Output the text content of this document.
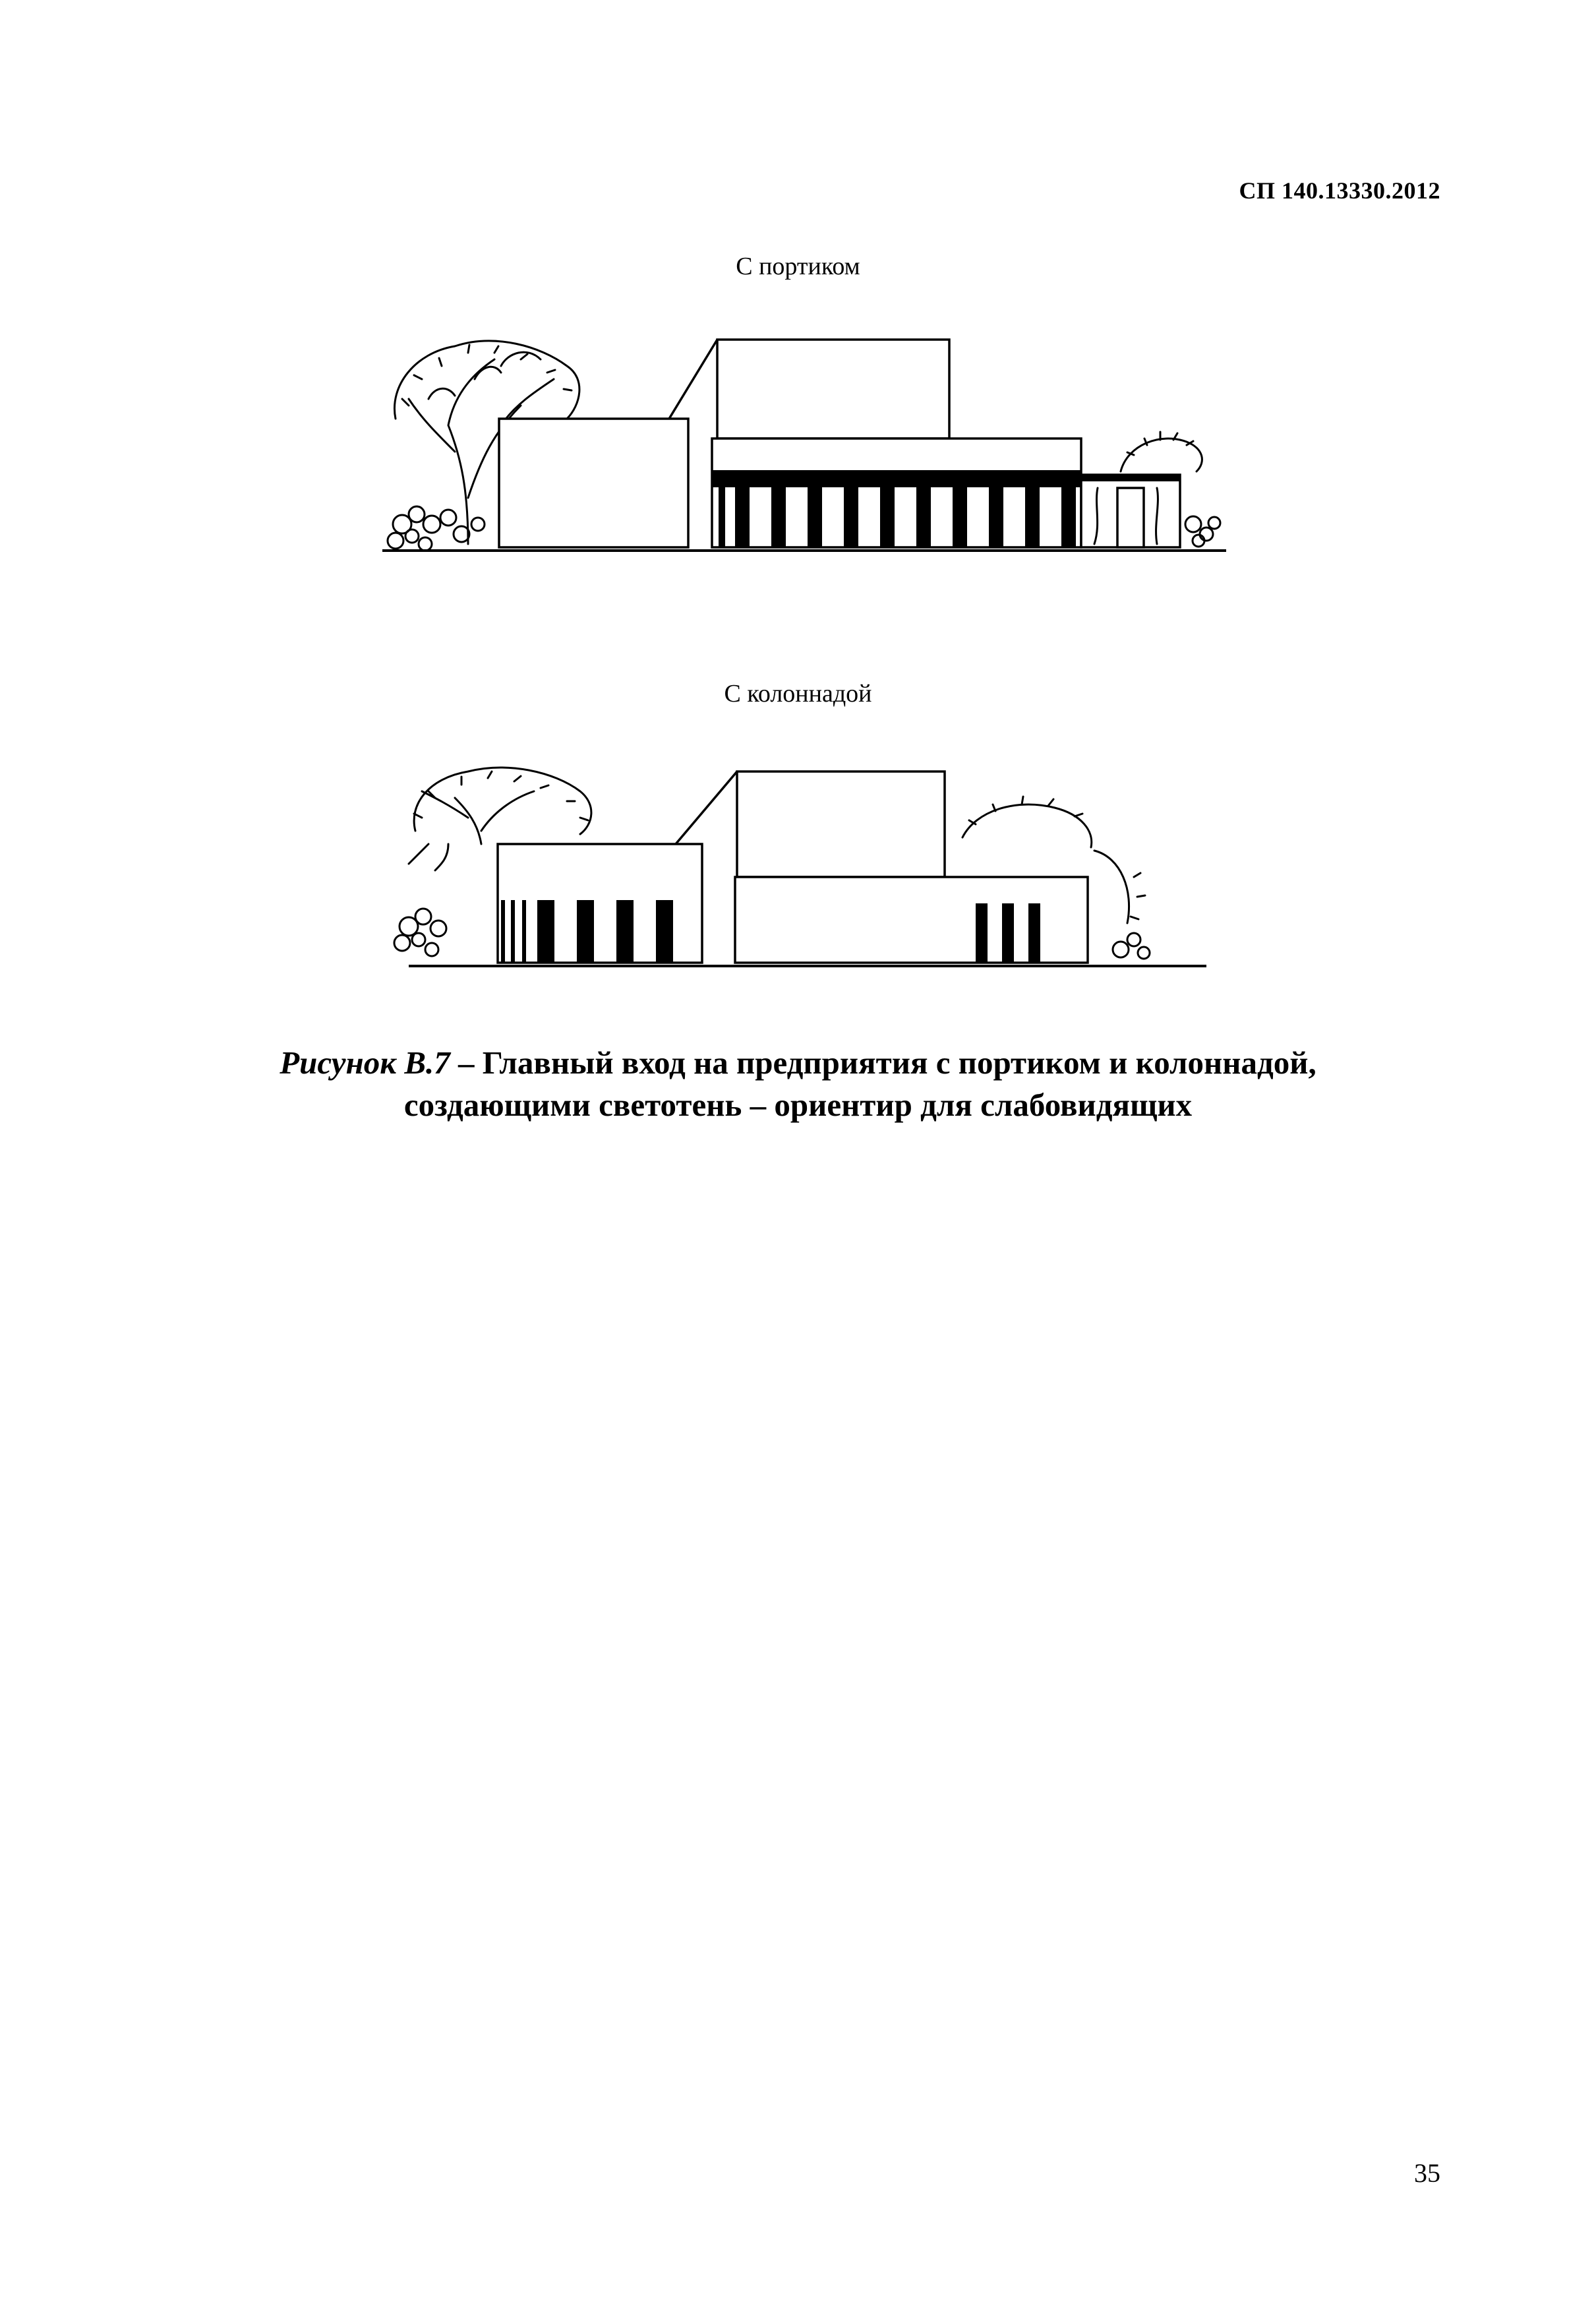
СП 140.13330.2012
С портиком
С колоннадой
Рисунок В.7 – Главный вход на предприятия с портиком и колоннадой,
создающими светотень – ориентир для слабовидящих
35
